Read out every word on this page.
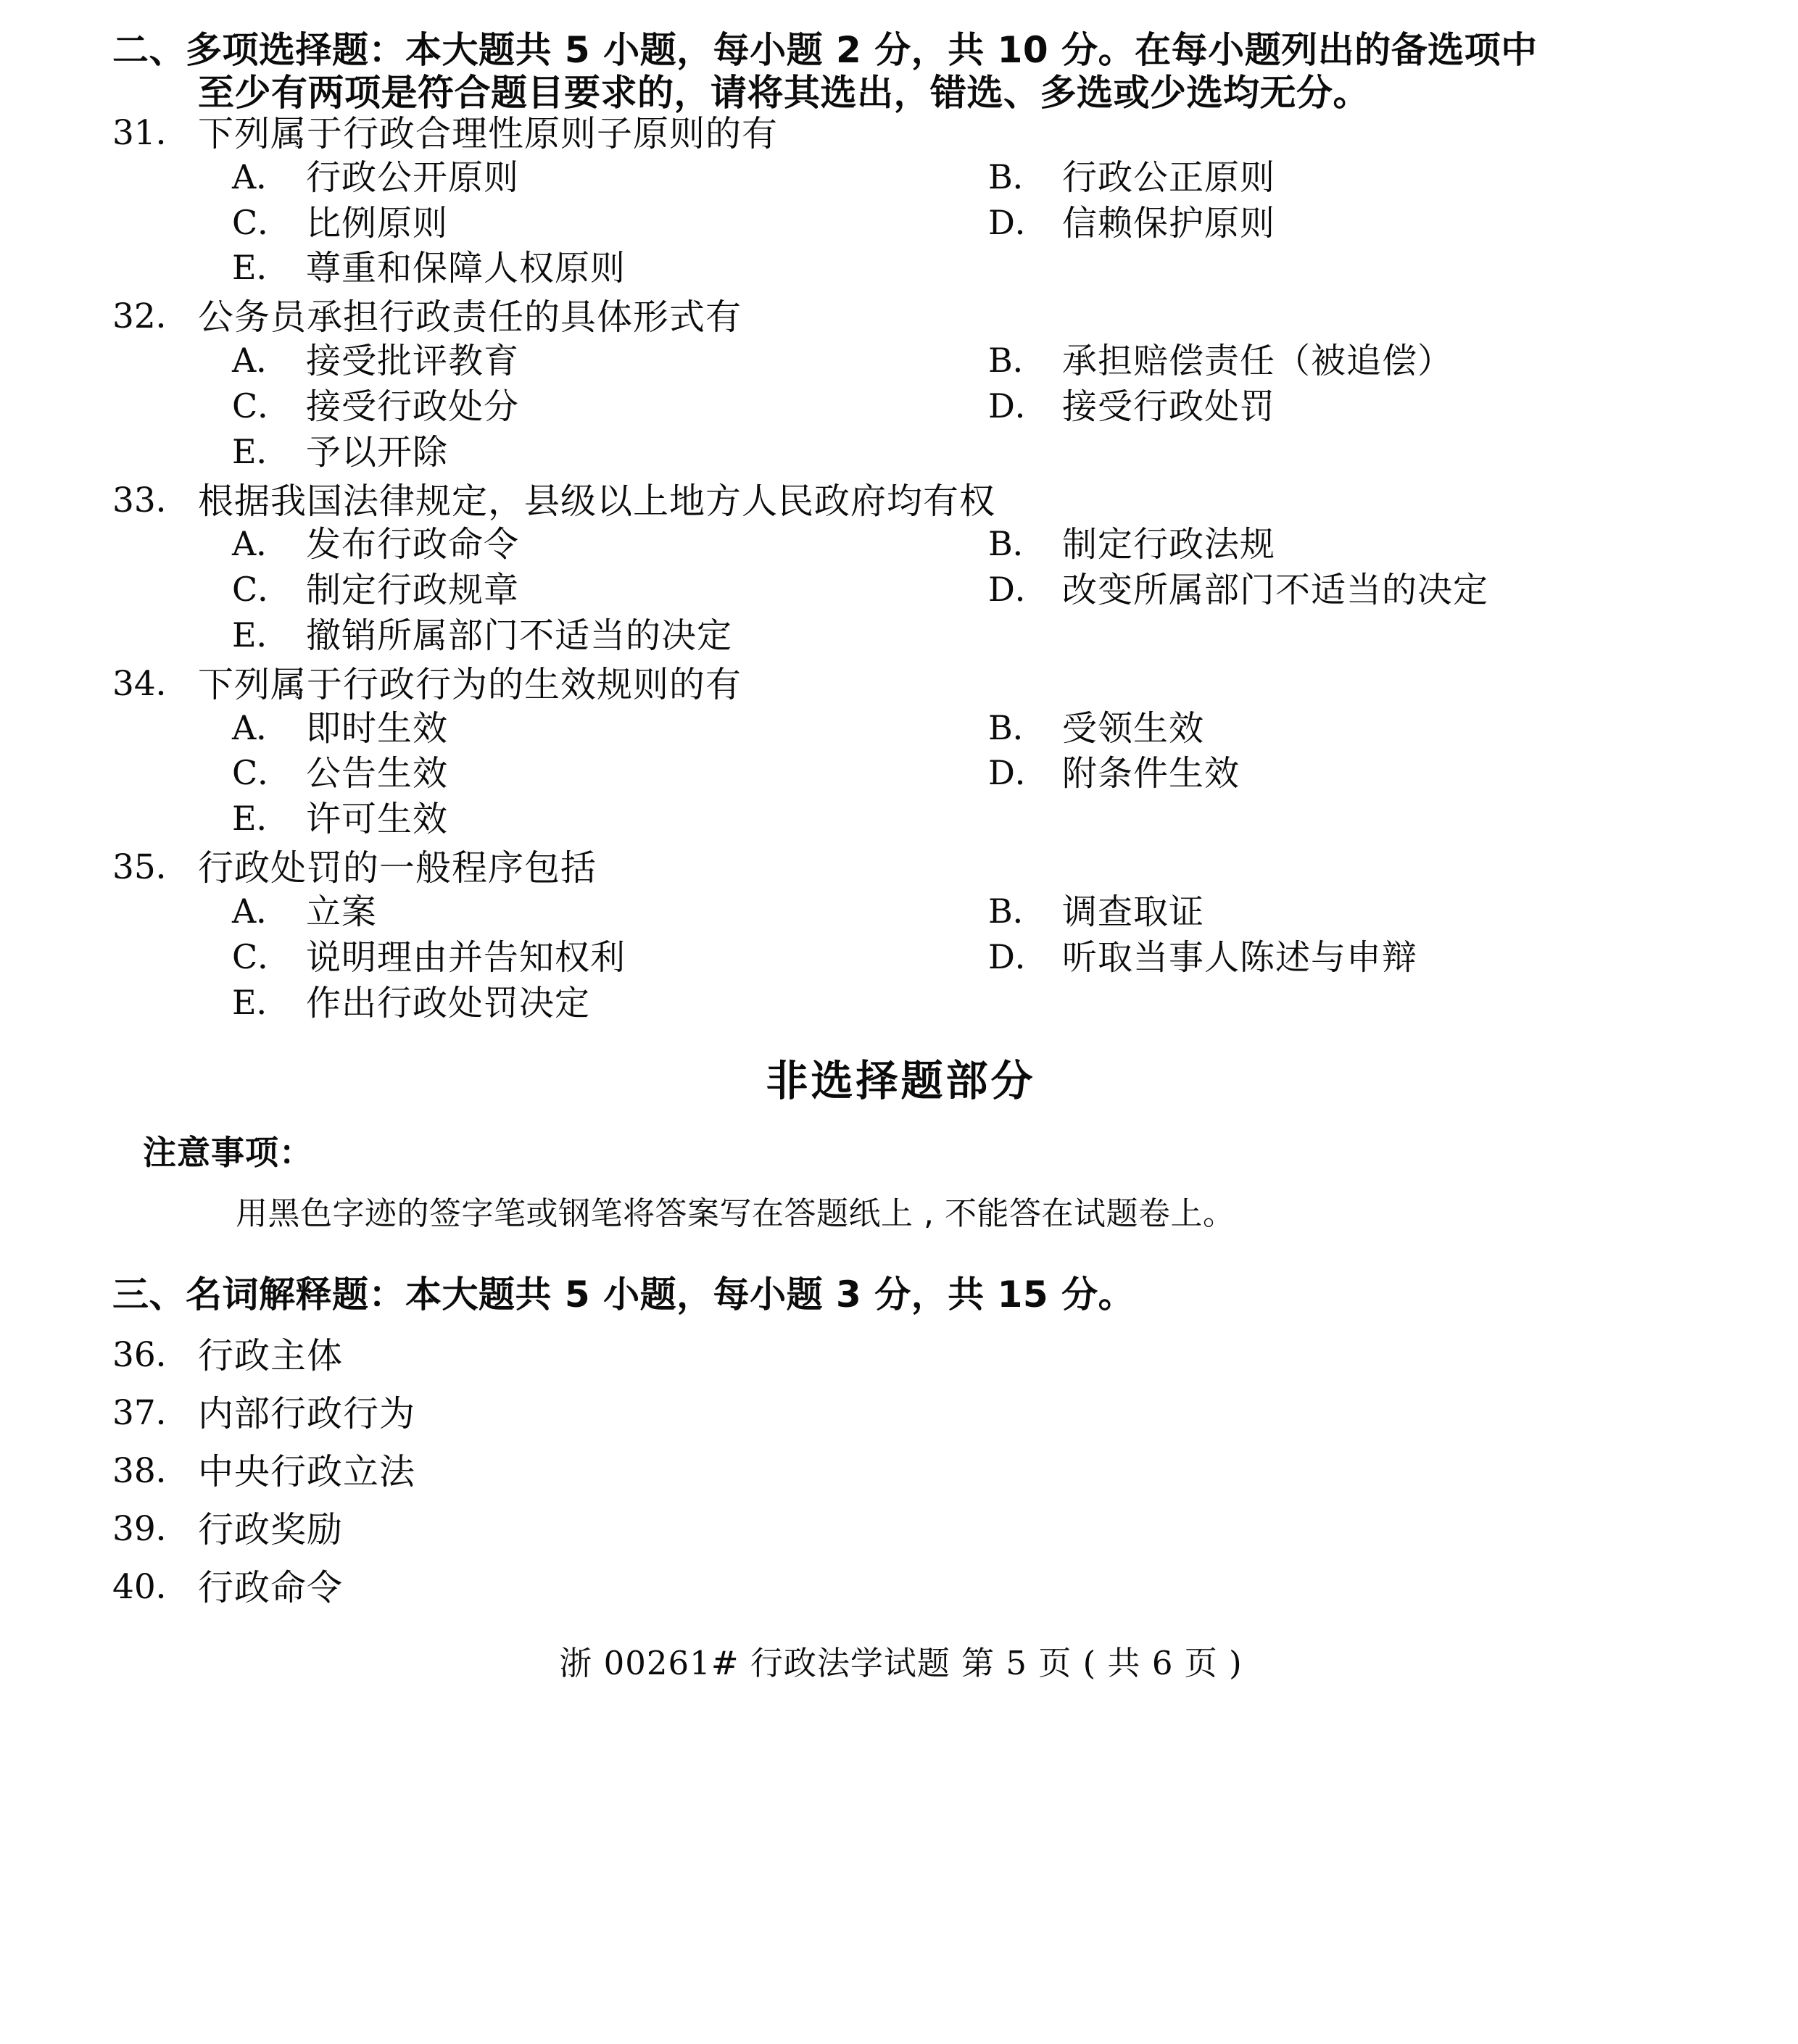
二、多项选择题：本大题共 5 小题，每小题 2 分，共 10 分。在每小题列出的备选项中
至少有两项是符合题目要求的，请将其选出，错选、多选或少选均无分。
31． 下列属于行政合理性原则子原则的有
A． 行政公开原则	B． 行政公正原则
C． 比例原则	D． 信赖保护原则
E． 尊重和保障人权原则
32． 公务员承担行政责任的具体形式有
A． 接受批评教育	B． 承担赔偿责任（被追偿）
C． 接受行政处分	D． 接受行政处罚
E． 予以开除
33． 根据我国法律规定，县级以上地方人民政府均有权
A． 发布行政命令	B． 制定行政法规
C． 制定行政规章	D． 改变所属部门不适当的决定
E． 撤销所属部门不适当的决定
34． 下列属于行政行为的生效规则的有
A． 即时生效	B． 受领生效
C． 公告生效	D． 附条件生效
E． 许可生效
35． 行政处罚的一般程序包括
A． 立案	B． 调查取证
C． 说明理由并告知权利	D． 听取当事人陈述与申辩
E． 作出行政处罚决定
非选择题部分
注意事项：
用黑色字迹的签字笔或钢笔将答案写在答题纸上 , 不能答在试题卷上。
三、名词解释题：本大题共 5 小题，每小题 3 分，共 15 分。
36． 行政主体
37． 内部行政行为
38． 中央行政立法
39． 行政奖励
40． 行政命令
浙 00261# 行政法学试题 第 5 页 ( 共 6 页 )
